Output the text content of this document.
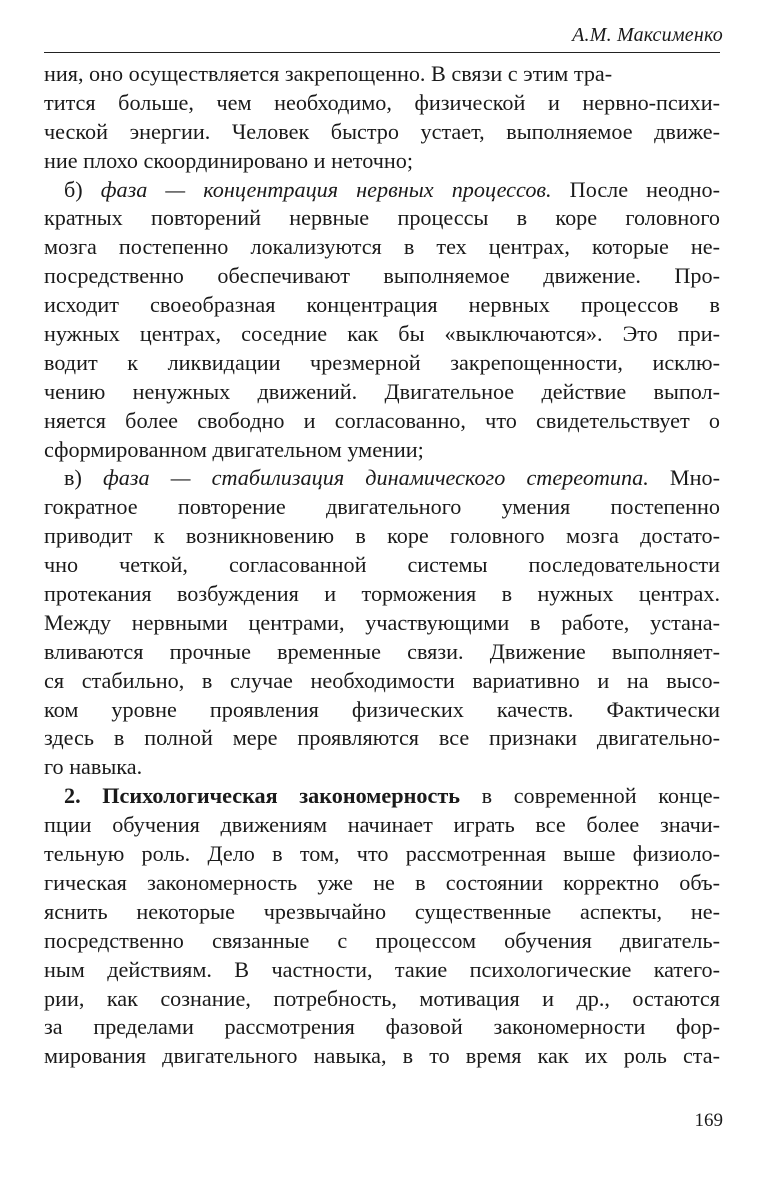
А.М. Максименко
ния, оно осуществляется закрепощенно. В связи с этим тра-
тится больше, чем необходимо, физической и нервно-психи-
ческой энергии. Человек быстро устает, выполняемое движе-
ние плохо скоординировано и неточно;
б) фаза — концентрация нервных процессов. После неодно-
кратных повторений нервные процессы в коре головного
мозга постепенно локализуются в тех центрах, которые не-
посредственно обеспечивают выполняемое движение. Про-
исходит своеобразная концентрация нервных процессов в
нужных центрах, соседние как бы «выключаются». Это при-
водит к ликвидации чрезмерной закрепощенности, исклю-
чению ненужных движений. Двигательное действие выпол-
няется более свободно и согласованно, что свидетельствует о
сформированном двигательном умении;
в) фаза — стабилизация динамического стереотипа. Мно-
гократное повторение двигательного умения постепенно
приводит к возникновению в коре головного мозга достато-
чно четкой, согласованной системы последовательности
протекания возбуждения и торможения в нужных центрах.
Между нервными центрами, участвующими в работе, устана-
вливаются прочные временные связи. Движение выполняет-
ся стабильно, в случае необходимости вариативно и на высо-
ком уровне проявления физических качеств. Фактически
здесь в полной мере проявляются все признаки двигательно-
го навыка.
2. Психологическая закономерность в современной конце-
пции обучения движениям начинает играть все более значи-
тельную роль. Дело в том, что рассмотренная выше физиоло-
гическая закономерность уже не в состоянии корректно объ-
яснить некоторые чрезвычайно существенные аспекты, не-
посредственно связанные с процессом обучения двигатель-
ным действиям. В частности, такие психологические катего-
рии, как сознание, потребность, мотивация и др., остаются
за пределами рассмотрения фазовой закономерности фор-
мирования двигательного навыка, в то время как их роль ста-
169
